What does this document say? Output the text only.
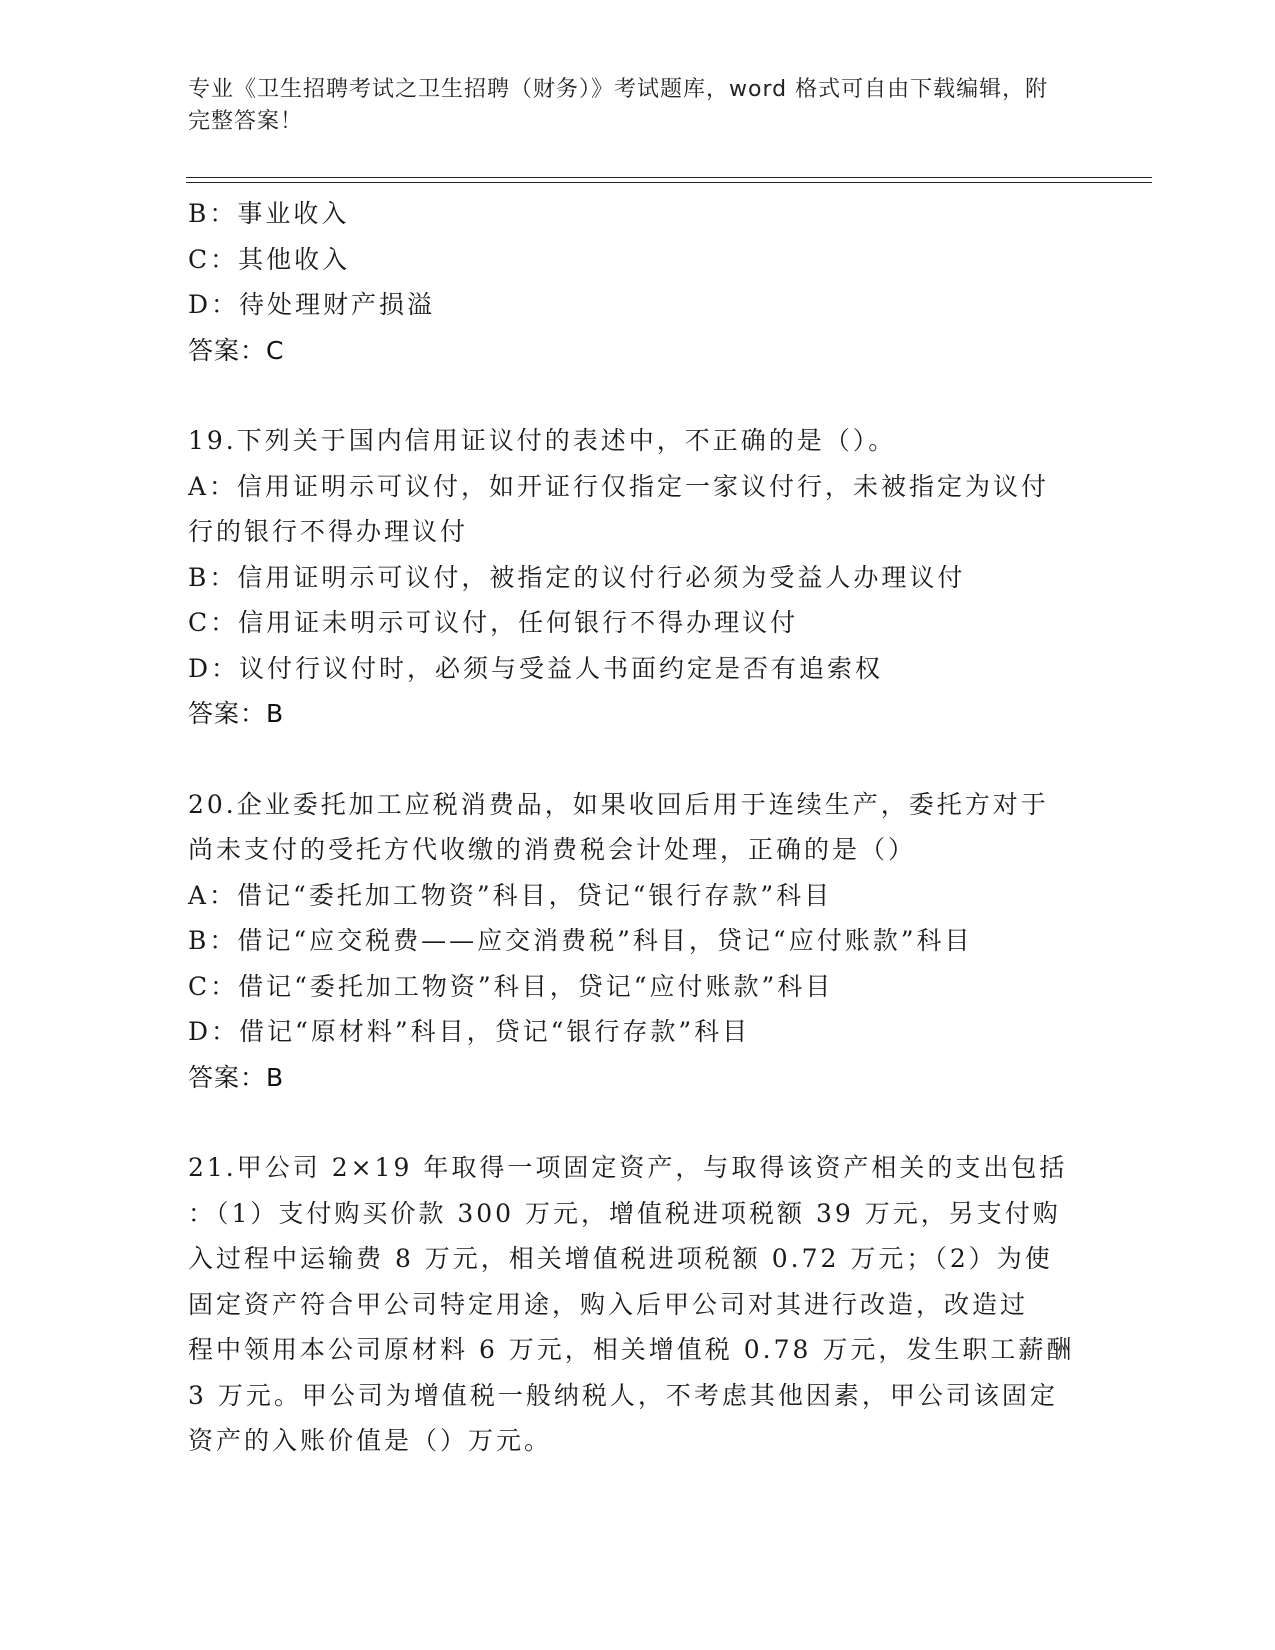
专业《卫生招聘考试之卫生招聘（财务）》考试题库，word 格式可自由下载编辑，附完整答案！

B：事业收入

C：其他收入

D：待处理财产损溢

答案：C

19.下列关于国内信用证议付的表述中，不正确的是（）。

A：信用证明示可议付，如开证行仅指定一家议付行，未被指定为议付

行的银行不得办理议付

B：信用证明示可议付，被指定的议付行必须为受益人办理议付

C：信用证未明示可议付，任何银行不得办理议付

D：议付行议付时，必须与受益人书面约定是否有追索权

答案：B

20.企业委托加工应税消费品，如果收回后用于连续生产，委托方对于

尚未支付的受托方代收缴的消费税会计处理，正确的是（）

A：借记“委托加工物资”科目，贷记“银行存款”科目

B：借记“应交税费——应交消费税”科目，贷记“应付账款”科目

C：借记“委托加工物资”科目，贷记“应付账款”科目

D：借记“原材料”科目，贷记“银行存款”科目

答案：B

21.甲公司 2×19 年取得一项固定资产，与取得该资产相关的支出包括

：（1）支付购买价款 300 万元，增值税进项税额 39 万元，另支付购

入过程中运输费 8 万元，相关增值税进项税额 0.72 万元；（2）为使

固定资产符合甲公司特定用途，购入后甲公司对其进行改造，改造过

程中领用本公司原材料 6 万元，相关增值税 0.78 万元，发生职工薪酬

3 万元。甲公司为增值税一般纳税人，不考虑其他因素，甲公司该固定

资产的入账价值是（）万元。
